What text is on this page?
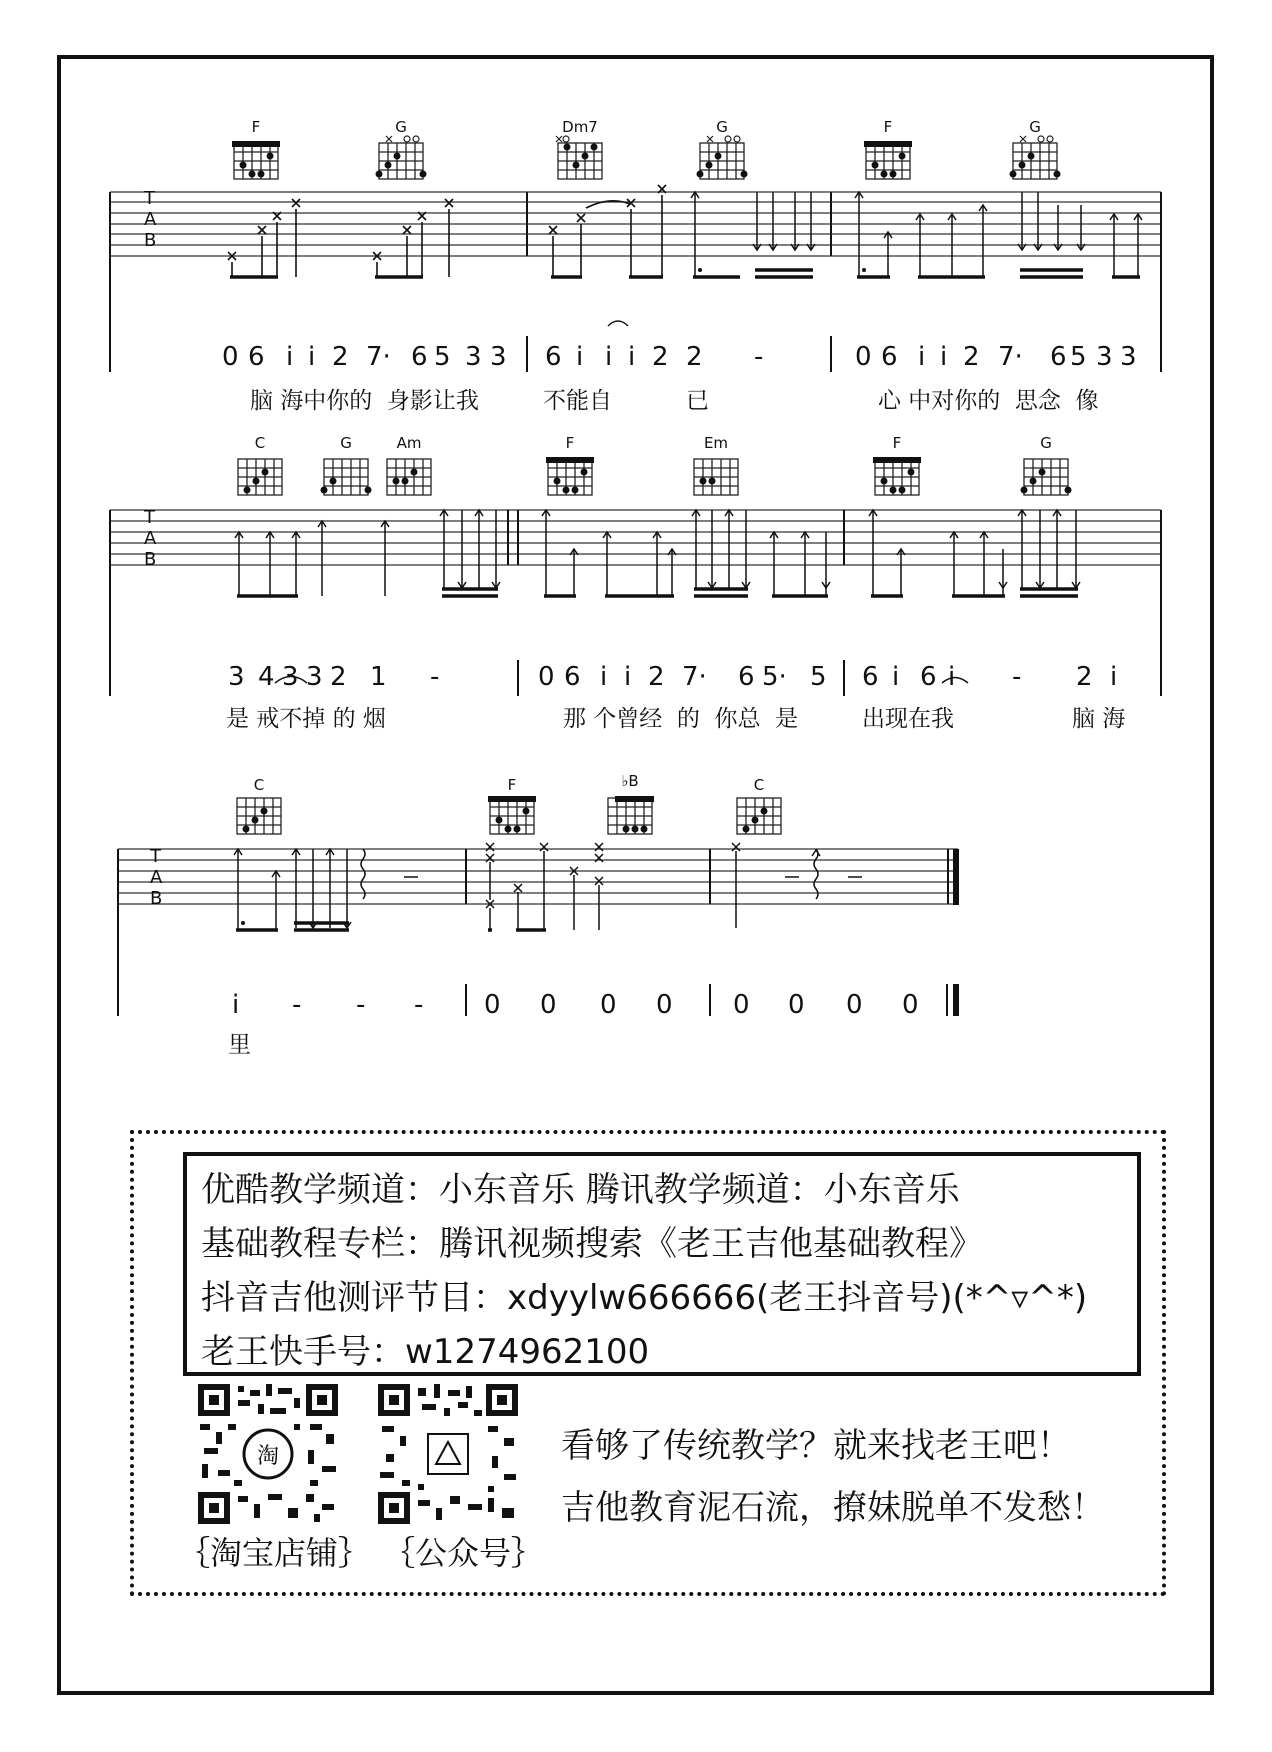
F	G	Dm7	G	F	G
T
A
B
0 6 i i 2 7· 6 5 3 3 6 i i i 2 2 -	0 6 i i 2 7· 6 5 3 3
脑 海中你的  身影让我	不能自	已	心 中对你的  思念  像
C	G	Am	F	Em	F	G
T
A
B
3 4 3 3 2 1 -	0 6 i i 2 7· 6 5· 5 6 i 6 i - 2 i
是 戒不掉 的 烟	那 个曾经  的  你总  是	出现在我	脑 海
C	F	♭B	C
T
A
B
i - - - 0 0 0 0 0 0 0 0
里
优酷教学频道：小东音乐 腾讯教学频道：小东音乐
基础教程专栏：腾讯视频搜索《老王吉他基础教程》
抖音吉他测评节目：xdyylw666666(老王抖音号)(*^▿^*)
老王快手号：w1274962100
淘
｛淘宝店铺｝ ｛公众号｝
看够了传统教学？就来找老王吧！
吉他教育泥石流，撩妹脱单不发愁！
